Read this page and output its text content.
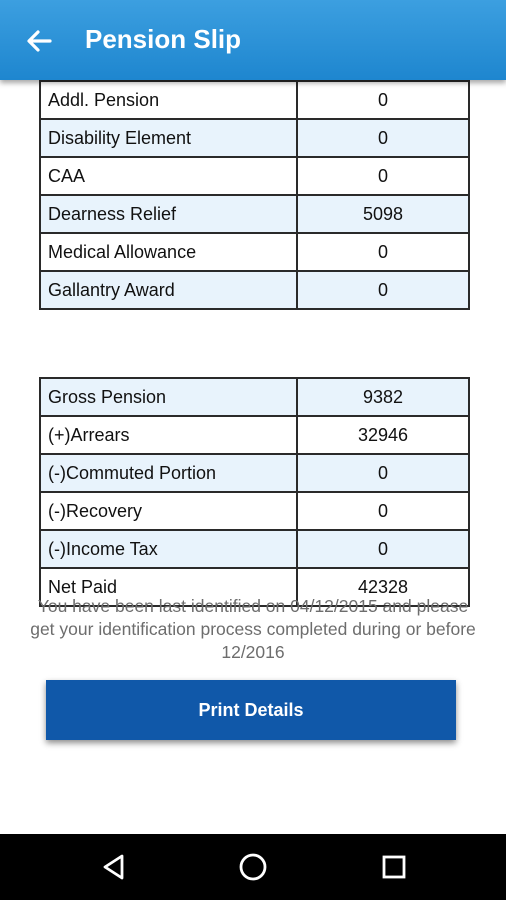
Pension Slip

Addl. Pension	0
Disability Element	0
CAA	0
Dearness Relief	5098
Medical Allowance	0
Gallantry Award	0
Gross Pension	9382
(+)Arrears	32946
(-)Commuted Portion	0
(-)Recovery	0
(-)Income Tax	0
Net Paid	42328
You have been last identified on 04/12/2015 and please get your identification process completed during or before 12/2016
Print Details
